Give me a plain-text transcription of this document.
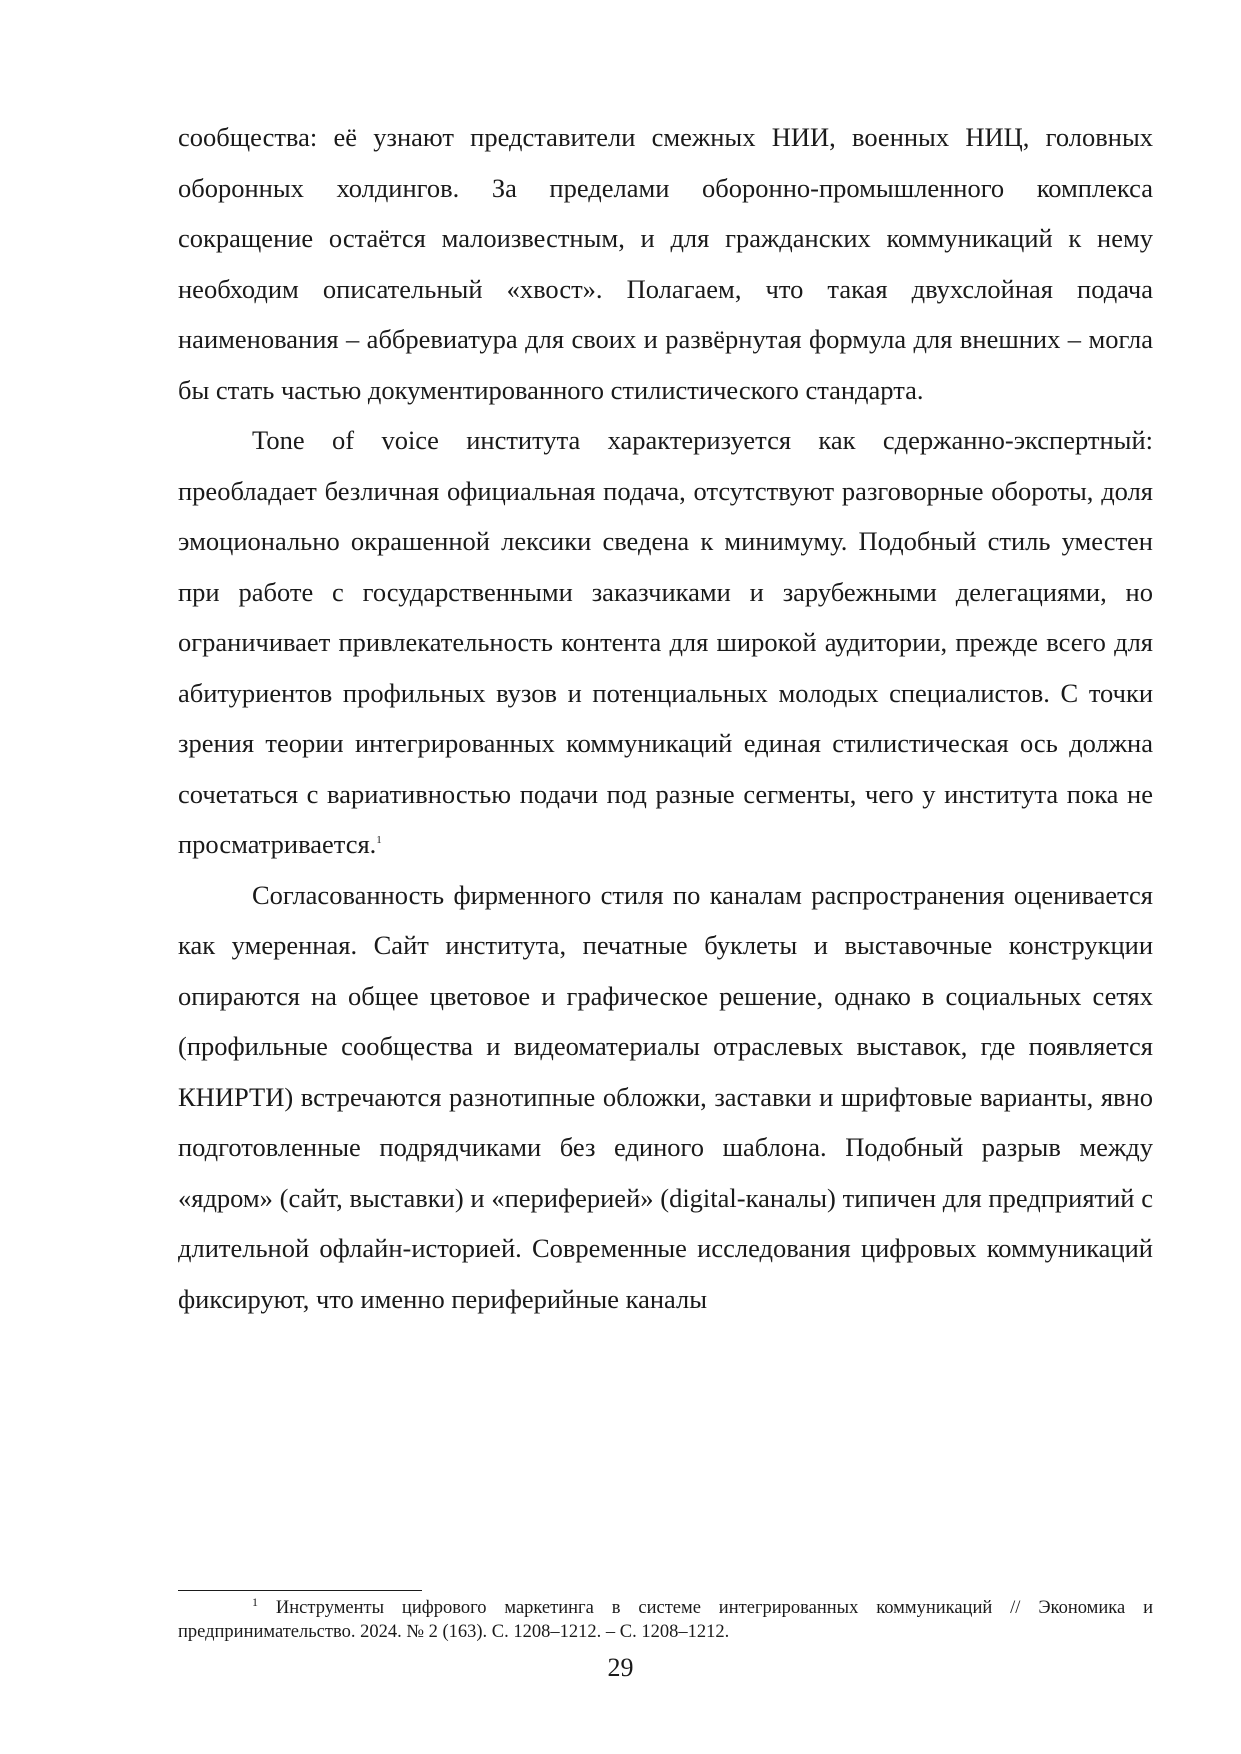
сообщества: её узнают представители смежных НИИ, военных НИЦ, головных оборонных холдингов. За пределами оборонно-промышленного комплекса сокращение остаётся малоизвестным, и для гражданских коммуникаций к нему необходим описательный «хвост». Полагаем, что такая двухслойная подача наименования – аббревиатура для своих и развёрнутая формула для внешних – могла бы стать частью документированного стилистического стандарта.

Tone of voice института характеризуется как сдержанно-экспертный: преобладает безличная официальная подача, отсутствуют разговорные обороты, доля эмоционально окрашенной лексики сведена к минимуму. Подобный стиль уместен при работе с государственными заказчиками и зарубежными делегациями, но ограничивает привлекательность контента для широкой аудитории, прежде всего для абитуриентов профильных вузов и потенциальных молодых специалистов. С точки зрения теории интегрированных коммуникаций единая стилистическая ось должна сочетаться с вариативностью подачи под разные сегменты, чего у института пока не просматривается.$^1$

Согласованность фирменного стиля по каналам распространения оценивается как умеренная. Сайт института, печатные буклеты и выставочные конструкции опираются на общее цветовое и графическое решение, однако в социальных сетях (профильные сообщества и видеоматериалы отраслевых выставок, где появляется КНИРТИ) встречаются разнотипные обложки, заставки и шрифтовые варианты, явно подготовленные подрядчиками без единого шаблона. Подобный разрыв между «ядром» (сайт, выставки) и «периферией» (digital-каналы) типичен для предприятий с длительной офлайн-историей. Современные исследования цифровых коммуникаций фиксируют, что именно периферийные каналы

$^1$ Инструменты цифрового маркетинга в системе интегрированных коммуникаций // Экономика и предпринимательство. 2024. № 2 (163). С. 1208–1212. – С. 1208–1212.

29
